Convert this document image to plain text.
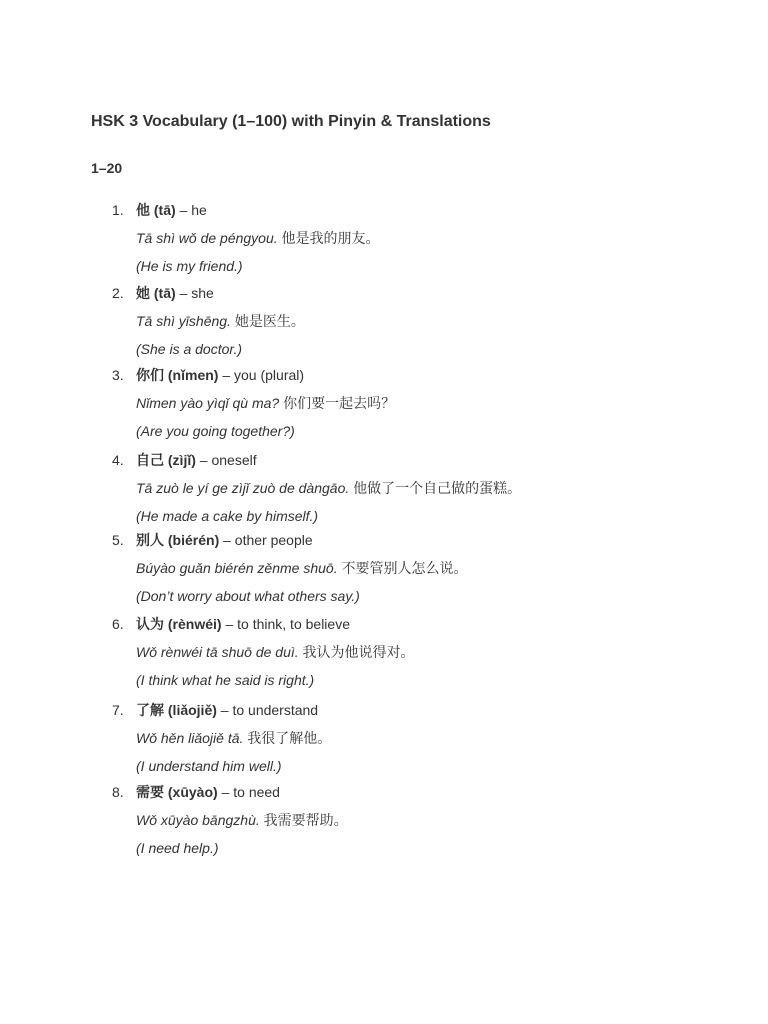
HSK 3 Vocabulary (1–100) with Pinyin & Translations
1–20
1. 他 (tā) – he
Tā shì wǒ de péngyou. 他是我的朋友。
(He is my friend.)
2. 她 (tā) – she
Tā shì yīshēng. 她是医生。
(She is a doctor.)
3. 你们 (nǐmen) – you (plural)
Nǐmen yào yìqǐ qù ma? 你们要一起去吗？
(Are you going together?)
4. 自己 (zìjǐ) – oneself
Tā zuò le yí ge zìjǐ zuò de dàngāo. 他做了一个自己做的蛋糕。
(He made a cake by himself.)
5. 别人 (biérén) – other people
Búyào guǎn biérén zěnme shuō. 不要管别人怎么说。
(Don’t worry about what others say.)
6. 认为 (rènwéi) – to think, to believe
Wǒ rènwéi tā shuō de duì. 我认为他说得对。
(I think what he said is right.)
7. 了解 (liǎojiě) – to understand
Wǒ hěn liǎojiě tā. 我很了解他。
(I understand him well.)
8. 需要 (xūyào) – to need
Wǒ xūyào bāngzhù. 我需要帮助。
(I need help.)
